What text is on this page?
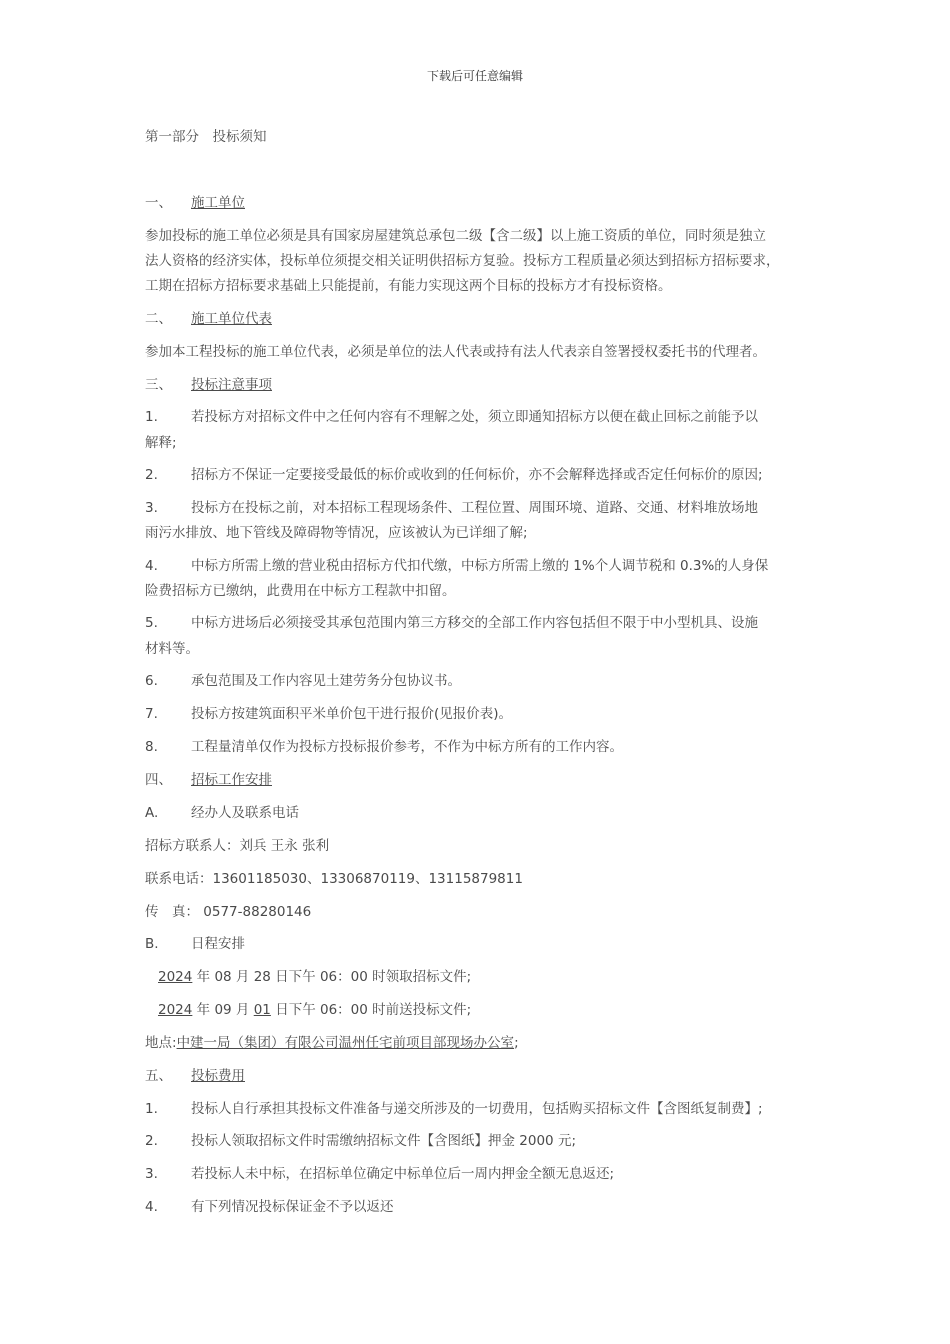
下载后可任意编辑
第一部分　投标须知
一、 施工单位
参加投标的施工单位必须是具有国家房屋建筑总承包二级【含二级】以上施工资质的单位，同时须是独立
法人资格的经济实体，投标单位须提交相关证明供招标方复验。投标方工程质量必须达到招标方招标要求，
工期在招标方招标要求基础上只能提前，有能力实现这两个目标的投标方才有投标资格。
二、 施工单位代表
参加本工程投标的施工单位代表，必须是单位的法人代表或持有法人代表亲自签署授权委托书的代理者。
三、 投标注意事项
1. 若投标方对招标文件中之任何内容有不理解之处，须立即通知招标方以便在截止回标之前能予以
解释;
2. 招标方不保证一定要接受最低的标价或收到的任何标价，亦不会解释选择或否定任何标价的原因;
3. 投标方在投标之前，对本招标工程现场条件、工程位置、周围环境、道路、交通、材料堆放场地
雨污水排放、地下管线及障碍物等情况，应该被认为已详细了解;
4. 中标方所需上缴的营业税由招标方代扣代缴，中标方所需上缴的 1%个人调节税和 0.3%的人身保
险费招标方已缴纳，此费用在中标方工程款中扣留。
5. 中标方进场后必须接受其承包范围内第三方移交的全部工作内容包括但不限于中小型机具、设施
材料等。
6. 承包范围及工作内容见土建劳务分包协议书。
7. 投标方按建筑面积平米单价包干进行报价(见报价表)。
8. 工程量清单仅作为投标方投标报价参考，不作为中标方所有的工作内容。
四、 招标工作安排
A. 经办人及联系电话
招标方联系人：刘兵 王永 张利
联系电话：13601185030、13306870119、13115879811
传　真： 0577-88280146
B. 日程安排
2024 年 08 月 28 日下午 06：00 时领取招标文件;
2024 年 09 月 01 日下午 06：00 时前送投标文件;
地点:中建一局（集团）有限公司温州任宅前项目部现场办公室;
五、 投标费用
1. 投标人自行承担其投标文件准备与递交所涉及的一切费用，包括购买招标文件【含图纸复制费】;
2. 投标人领取招标文件时需缴纳招标文件【含图纸】押金 2000 元;
3. 若投标人未中标，在招标单位确定中标单位后一周内押金全额无息返还;
4. 有下列情况投标保证金不予以返还
